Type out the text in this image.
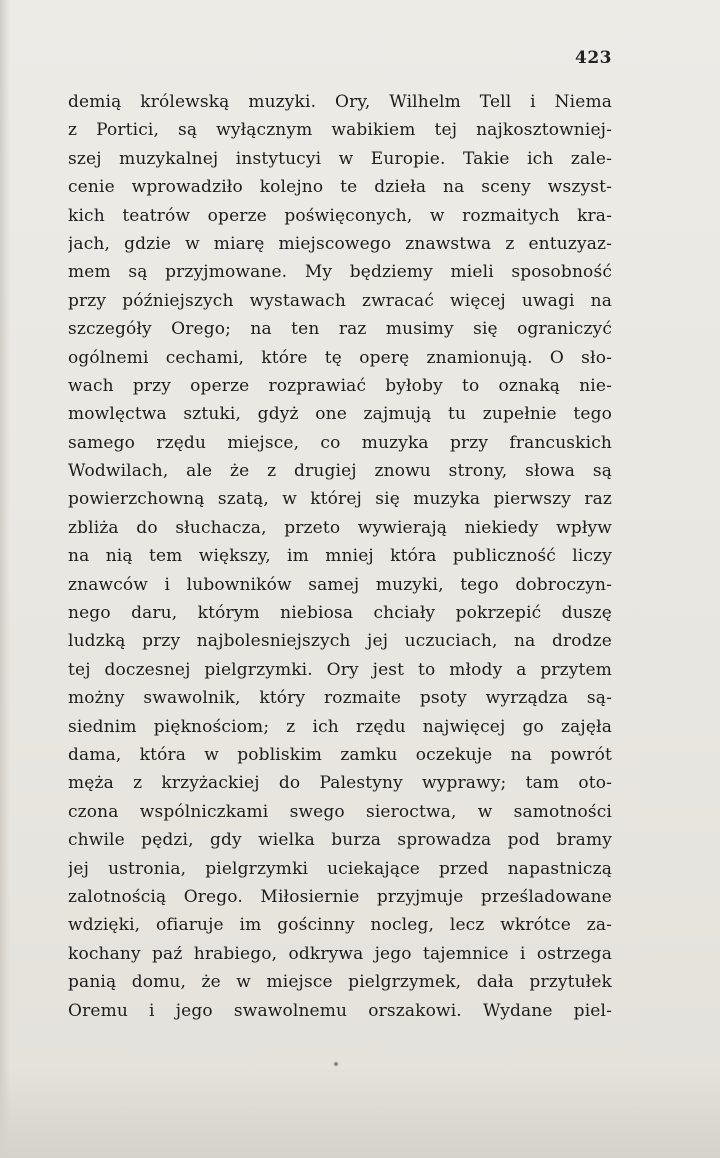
423
demią królewską muzyki. Ory, Wilhelm Tell i Niema
z Portici, są wyłącznym wabikiem tej najkosztowniej-
szej muzykalnej instytucyi w Europie. Takie ich zale-
cenie wprowadziło kolejno te dzieła na sceny wszyst-
kich teatrów operze poświęconych, w rozmaitych kra-
jach, gdzie w miarę miejscowego znawstwa z entuzyaz-
mem są przyjmowane. My będziemy mieli sposobność
przy późniejszych wystawach zwracać więcej uwagi na
szczegóły Orego; na ten raz musimy się ograniczyć
ogólnemi cechami, które tę operę znamionują. O sło-
wach przy operze rozprawiać byłoby to oznaką nie-
mowlęctwa sztuki, gdyż one zajmują tu zupełnie tego
samego rzędu miejsce, co muzyka przy francuskich
Wodwilach, ale że z drugiej znowu strony, słowa są
powierzchowną szatą, w której się muzyka pierwszy raz
zbliża do słuchacza, przeto wywierają niekiedy wpływ
na nią tem większy, im mniej która publiczność liczy
znawców i lubowników samej muzyki, tego dobroczyn-
nego daru, którym niebiosa chciały pokrzepić duszę
ludzką przy najbolesniejszych jej uczuciach, na drodze
tej doczesnej pielgrzymki. Ory jest to młody a przytem
możny swawolnik, który rozmaite psoty wyrządza są-
siednim pięknościom; z ich rzędu najwięcej go zajęła
dama, która w pobliskim zamku oczekuje na powrót
męża z krzyżackiej do Palestyny wyprawy; tam oto-
czona wspólniczkami swego sieroctwa, w samotności
chwile pędzi, gdy wielka burza sprowadza pod bramy
jej ustronia, pielgrzymki uciekające przed napastniczą
zalotnością Orego. Miłosiernie przyjmuje prześladowane
wdzięki, ofiaruje im gościnny nocleg, lecz wkrótce za-
kochany paź hrabiego, odkrywa jego tajemnice i ostrzega
panią domu, że w miejsce pielgrzymek, dała przytułek
Oremu i jego swawolnemu orszakowi. Wydane piel-
